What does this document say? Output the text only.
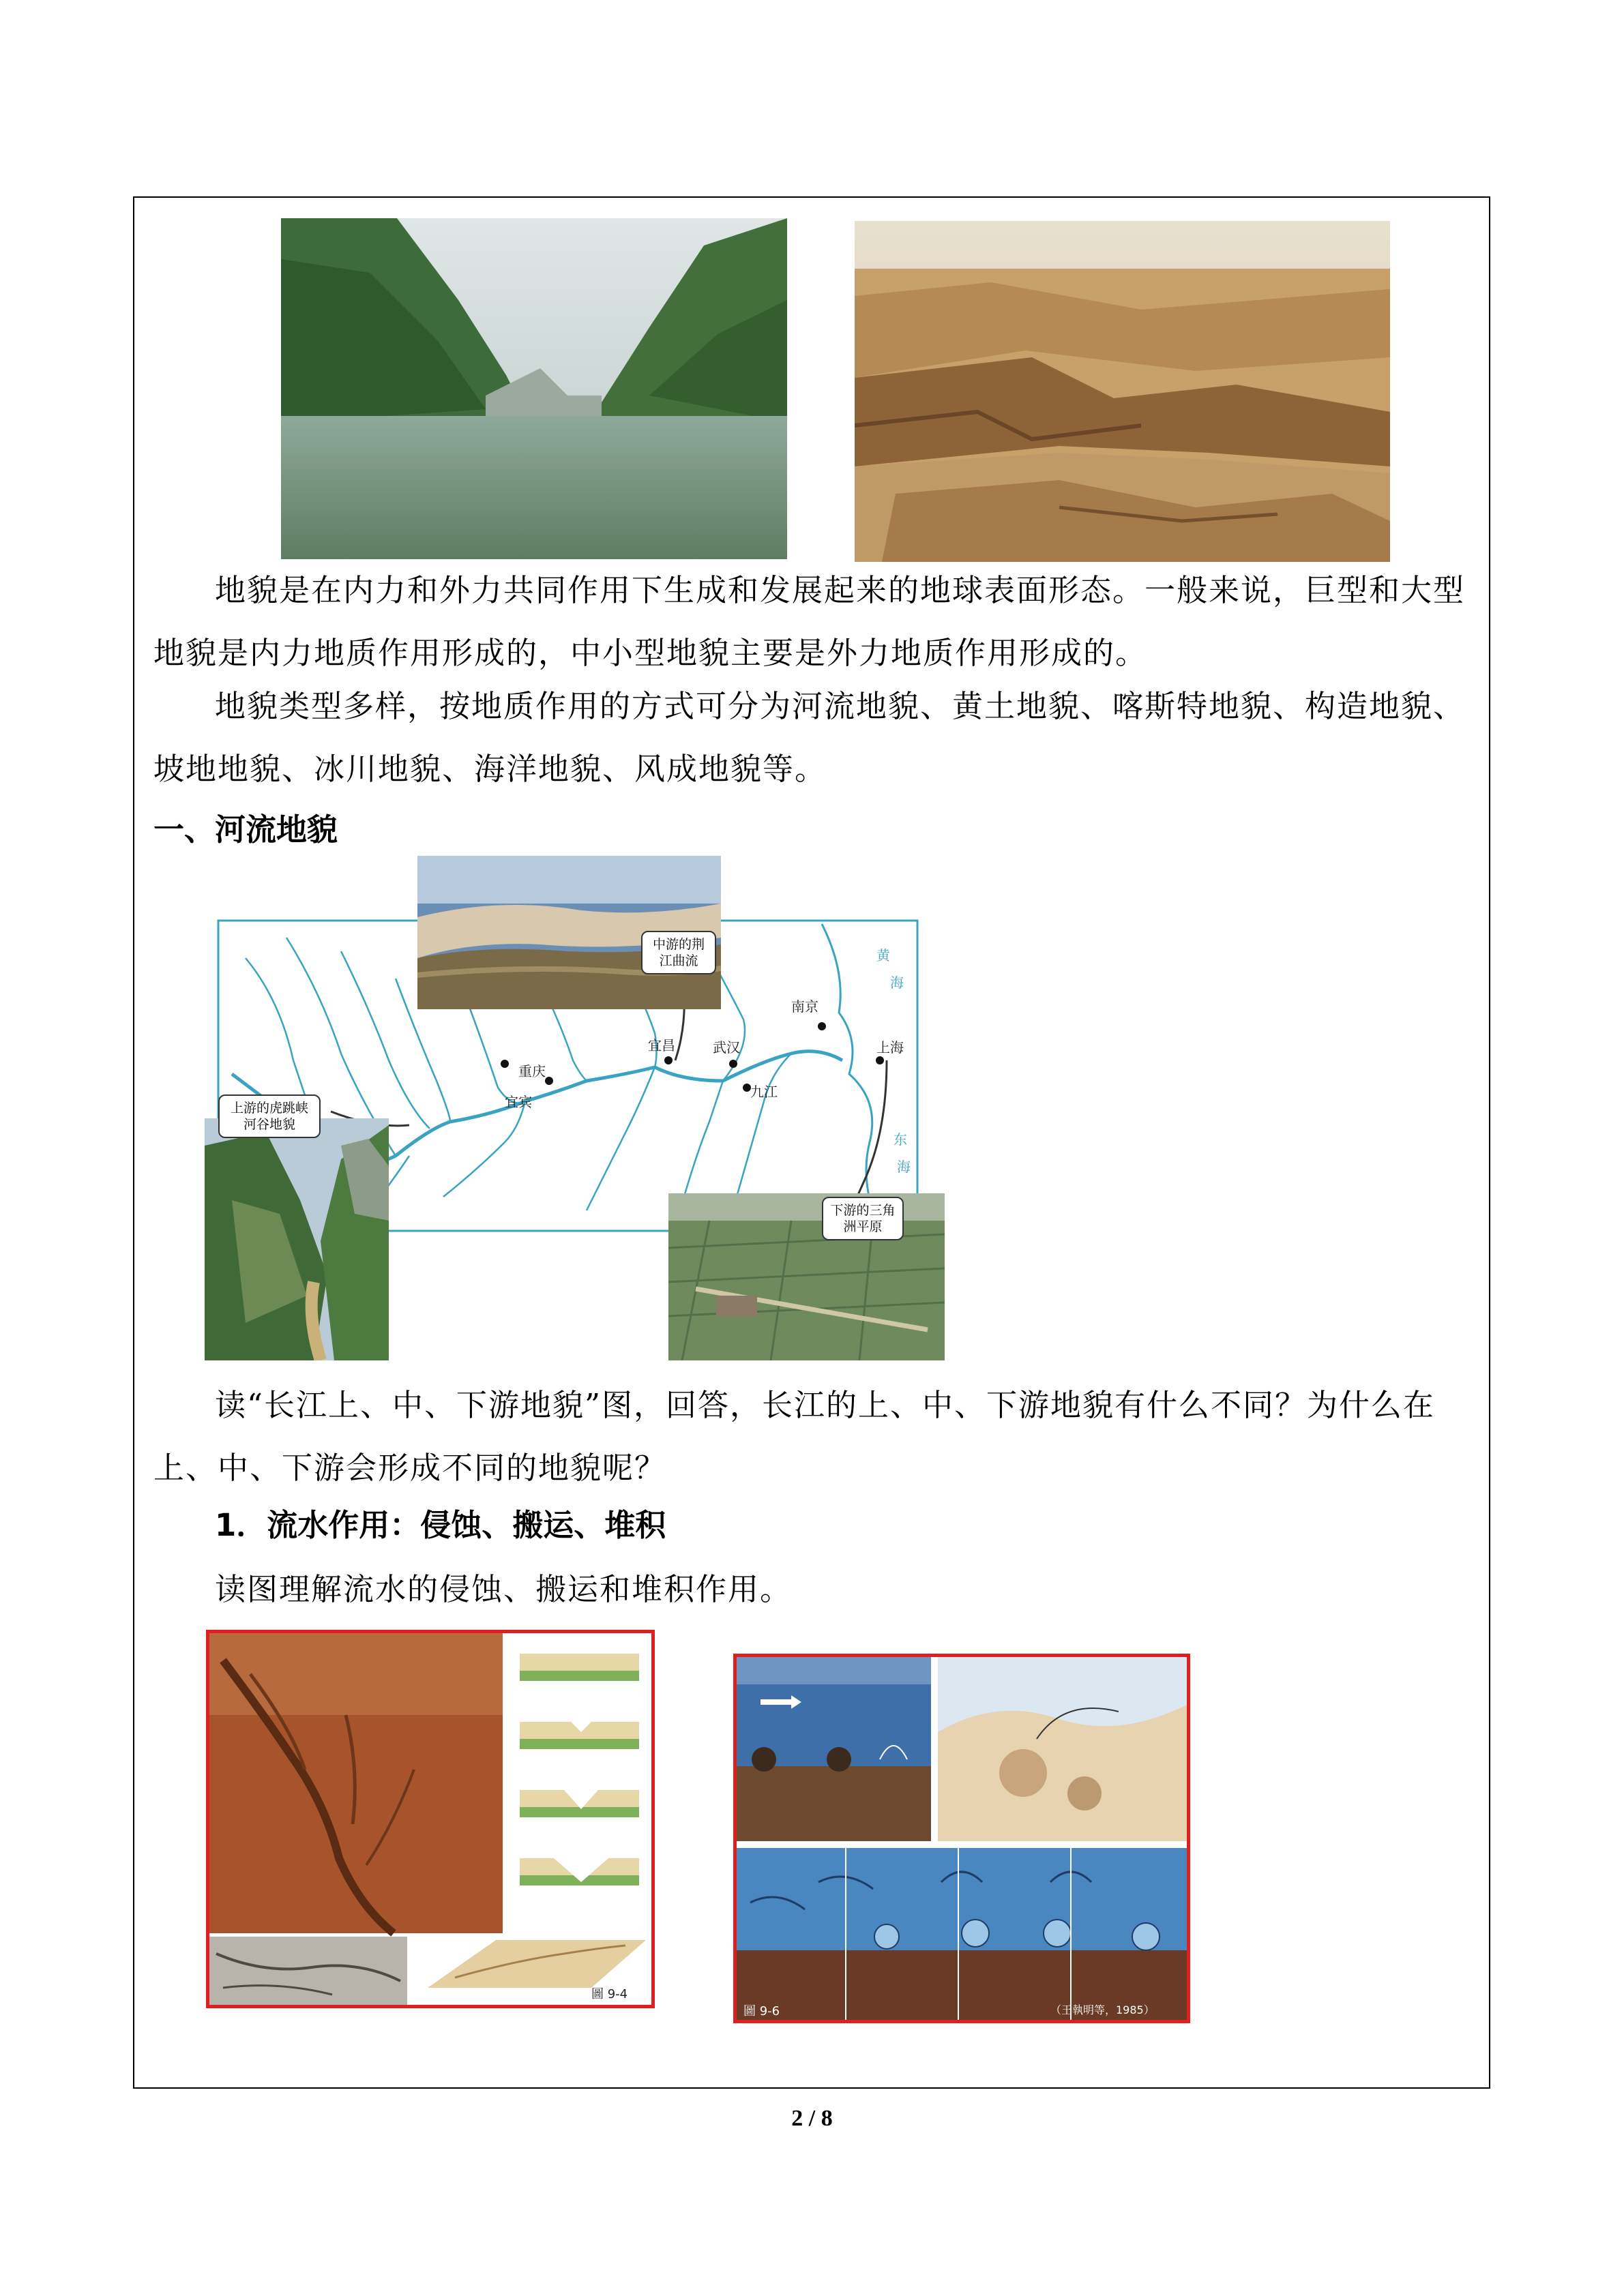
地貌是在内力和外力共同作用下生成和发展起来的地球表面形态。一般来说，巨型和大型地貌是内力地质作用形成的，中小型地貌主要是外力地质作用形成的。
地貌类型多样，按地质作用的方式可分为河流地貌、黄土地貌、喀斯特地貌、构造地貌、坡地地貌、冰川地貌、海洋地貌、风成地貌等。
一、河流地貌
中游的荆江曲流
上游的虎跳峡河谷地貌
下游的三角洲平原
重庆
宜宾
宜昌	武汉
九江
南京
上海
黄
海
东
海
读“长江上、中、下游地貌”图，回答，长江的上、中、下游地貌有什么不同？为什么在上、中、下游会形成不同的地貌呢？
1．流水作用：侵蚀、搬运、堆积
读图理解流水的侵蚀、搬运和堆积作用。
圖 9-4
圖 9-6	（王執明等，1985）
2 / 8
